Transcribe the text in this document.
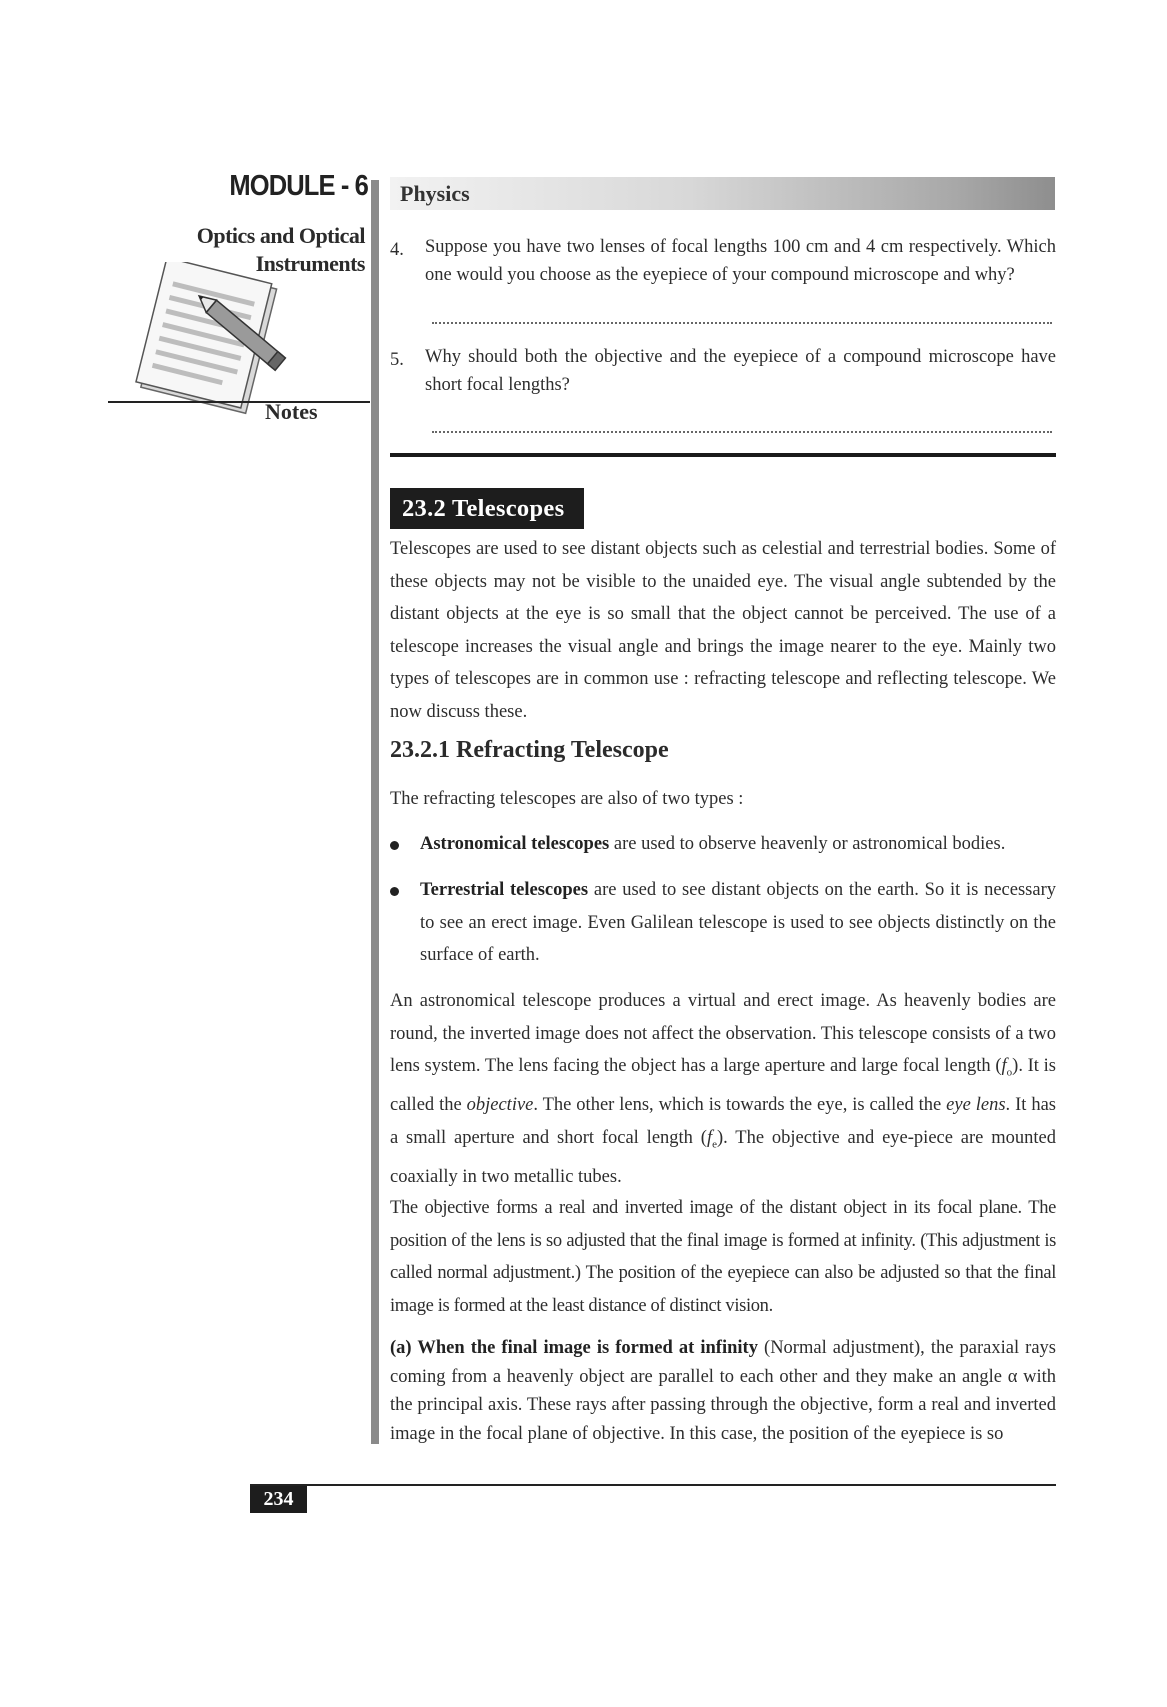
MODULE - 6
Optics and Optical
Instruments
Notes
Physics
4. Suppose you have two lenses of focal lengths 100 cm and 4 cm respectively. Which one would you choose as the eyepiece of your compound microscope and why?
5. Why should both the objective and the eyepiece of a compound microscope have short focal lengths?
23.2 Telescopes
Telescopes are used to see distant objects such as celestial and terrestrial bodies. Some of these objects may not be visible to the unaided eye. The visual angle subtended by the distant objects at the eye is so small that the object cannot be perceived. The use of a telescope increases the visual angle and brings the image nearer to the eye. Mainly two types of telescopes are in common use : refracting telescope and reflecting telescope. We now discuss these.
23.2.1 Refracting Telescope
The refracting telescopes are also of two types :
Astronomical telescopes are used to observe heavenly or astronomical bodies.
Terrestrial telescopes are used to see distant objects on the earth. So it is necessary to see an erect image. Even Galilean telescope is used to see objects distinctly on the surface of earth.
An astronomical telescope produces a virtual and erect image. As heavenly bodies are round, the inverted image does not affect the observation. This telescope consists of a two lens system. The lens facing the object has a large aperture and large focal length $(f_o)$. It is called the objective. The other lens, which is towards the eye, is called the eye lens. It has a small aperture and short focal length $(f_e)$. The objective and eye-piece are mounted coaxially in two metallic tubes.
The objective forms a real and inverted image of the distant object in its focal plane. The position of the lens is so adjusted that the final image is formed at infinity. (This adjustment is called normal adjustment.) The position of the eyepiece can also be adjusted so that the final image is formed at the least distance of distinct vision.
(a) When the final image is formed at infinity (Normal adjustment), the paraxial rays coming from a heavenly object are parallel to each other and they make an angle α with the principal axis. These rays after passing through the objective, form a real and inverted image in the focal plane of objective. In this case, the position of the eyepiece is so
234
